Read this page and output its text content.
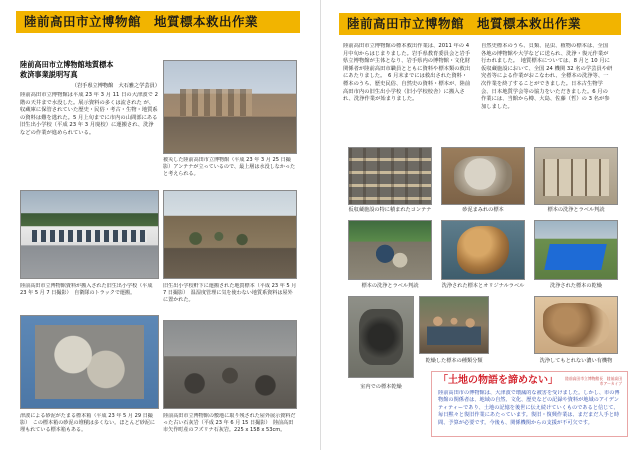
陸前高田市立博物館　地質標本救出作業
陸前高田市立博物館地質標本
救済事業説明写真
（岩手県立博物館　大石雅之学芸員）
陸前高田市立博物館は平成 23 年 3 月 11 日の大津波で 2 階の天井まで水没した。展示資料の多くは流された が、収蔵庫に保管されていた歴史・民俗・考古・生物・地質系の資料は難を逃れた。5 月上旬までに市内の山間部にある旧生出小学校（平成 23 年 3 月廃校）に運搬され、洗浄などの作業が進められている。
被災した陸前高田市立博物館（平成 23 年 3 月 25 日撮影）アンテナが立っているので、最上層は水没しなかったと考えられる。
陸前高田市立博物館資料が搬入された旧生出小学校（平成 23 年 5 月 7 日撮影）　自衛隊のトラックで運搬。
旧生出小学校軒下に運搬された地質標本（平成 23 年 5 月 7 日撮影）　温湿度管理に気を使わない地質系資料は屋外に置かれた。
津波による砂泥がたまる標本箱（平成 23 年 5 月 29 日撮影）　この標本箱の砂泥の堆積は多くない。ほとんど砂泥に埋もれている標本箱もある。
陸前高田市立博物館の敷地に取り残された屋外展示資料だった古い石灰岩（平成 23 年 6 月 15 日撮影）　陸前高田市矢作町産のフズリナ石灰岩。225 x 158 x 53cm。
陸前高田市立博物館　地質標本救出作業
陸前高田市立博物館の標本救出作業は、2011 年の 4 月中旬からはじまりました。岩手県教育委員会と岩手県立博物館が主体となり、岩手県内の博物館・文化財関係者が陸前高田市職員とともに資料や標本類の救出にあたりました。　6 月末までには救出された資料・標本のうち、歴史民俗、自然史の資料・標本が、陸前高田市内の旧生出小学校（旧小学校校舎）に搬入され、洗浄作業が始まりました。
自然史標本のうち、貝類、昆虫、植物の標本は、全国各地の博物館や大学などに送られ、洗浄・復元作業が行われました。　地質標本については、8 月と 10 月に仮収蔵施設において、全国 24 機関 32 名の学芸員や研究者等による作業がおこなわれ、全標本の洗浄等、一次作業を終了することができました。日本古生物学会、日本地質学会等の協力をいただきました。6 月の作業には、当館から樽、大島、佐藤（哲）の 3 名が参加しました。
仮収蔵施設の特に積まれたコンテナ	砂泥まみれの標本	標本の洗浄とラベル判読
標本の洗浄とラベル判読	洗浄された標本とオリジナルラベル	洗浄された標本の乾燥
乾燥した標本の種類分類	洗浄してもとれない濃い有機物
室内での標本乾燥
「土地の物語を諦めない」	陸前高田市立博物館長　陸前高田市アーカイブ
陸前高田市の博物館は、大津波で壊滅的な被害を受けました。しかし、市の博物館の関係者は、地域の自然、文化、歴史などの記録や資料が地域のアイデンティティーであり、土地の記憶を後世に伝え続けていくものであると信じて、毎日黙々と復旧作業にあたっています。復旧・復興作業は、まだまだ人手と時間、予算が必要です。今後も、関係機関からの支援が不可欠です。
